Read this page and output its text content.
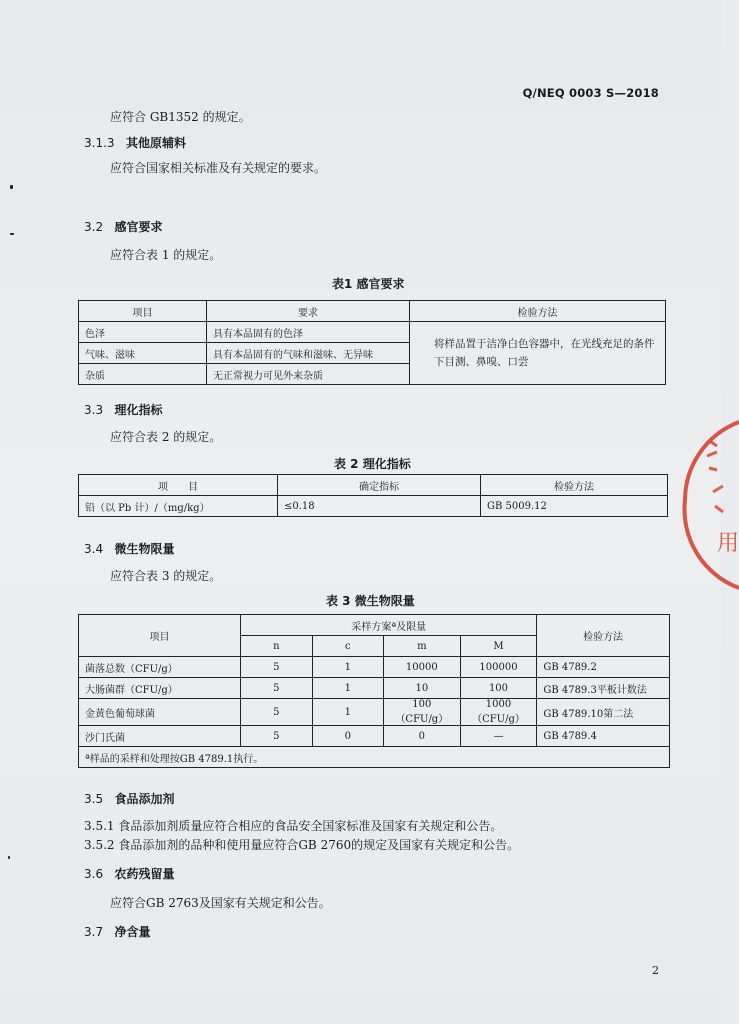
Q/NEQ 0003 S—2018
应符合 GB1352 的规定。
3.1.3 其他原辅料
应符合国家相关标准及有关规定的要求。
3.2 感官要求
应符合表 1 的规定。
表1 感官要求
项目	要求	检验方法
色泽	具有本品固有的色泽	将样品置于洁净白色容器中，在光线充足的条件下目测、鼻嗅、口尝
气味、滋味	具有本品固有的气味和滋味、无异味	
杂质	无正常视力可见外来杂质	
3.3 理化指标
应符合表 2 的规定。
表 2 理化指标
项　　目	确定指标	检验方法
铅（以 Pb 计）/（mg/kg）	≤0.18	GB 5009.12
3.4 微生物限量
应符合表 3 的规定。
表 3 微生物限量
项目	采样方案ª及限量				检验方法
	n	c	m	M	
菌落总数（CFU/g）	5	1	10000	100000	GB 4789.2
大肠菌群（CFU/g）	5	1	10	100	GB 4789.3平板计数法
金黄色葡萄球菌	5	1	100（CFU/g）	1000（CFU/g）	GB 4789.10第二法
沙门氏菌	5	0	0	—	GB 4789.4
ª样品的采样和处理按GB 4789.1执行。					
3.5 食品添加剂
3.5.1 食品添加剂质量应符合相应的食品安全国家标准及国家有关规定和公告。
3.5.2 食品添加剂的品种和使用量应符合GB 2760的规定及国家有关规定和公告。
3.6 农药残留量
应符合GB 2763及国家有关规定和公告。
3.7 净含量
2
用
